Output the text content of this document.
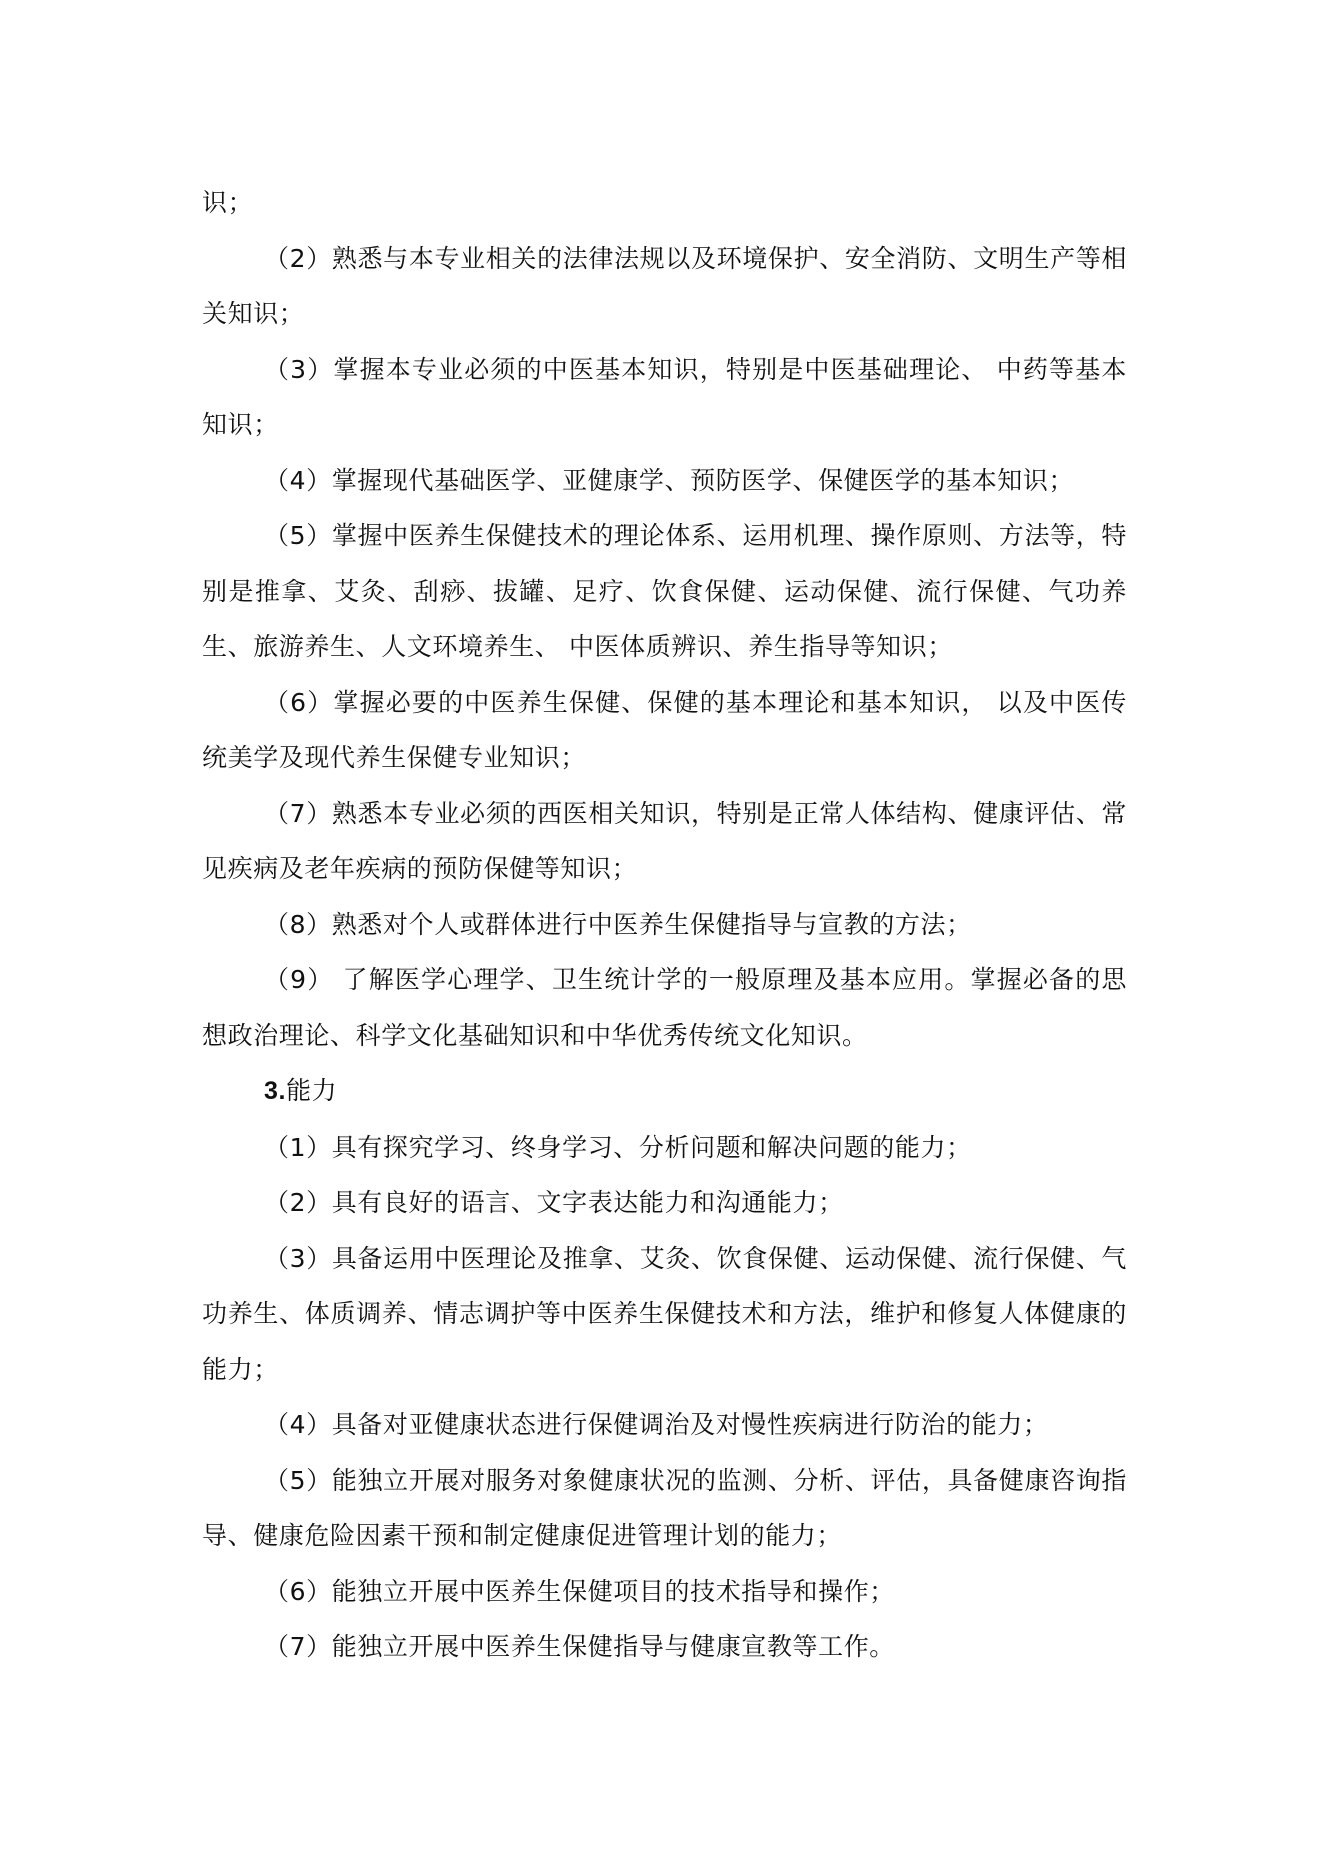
识；

（2）熟悉与本专业相关的法律法规以及环境保护、安全消防、文明生产等相关知识；

（3）掌握本专业必须的中医基本知识，特别是中医基础理论、 中药等基本知识；

（4）掌握现代基础医学、亚健康学、预防医学、保健医学的基本知识；

（5）掌握中医养生保健技术的理论体系、运用机理、操作原则、方法等，特别是推拿、艾灸、刮痧、拔罐、足疗、饮食保健、运动保健、流行保健、气功养生、旅游养生、人文环境养生、 中医体质辨识、养生指导等知识；

（6）掌握必要的中医养生保健、保健的基本理论和基本知识， 以及中医传统美学及现代养生保健专业知识；

（7）熟悉本专业必须的西医相关知识，特别是正常人体结构、健康评估、常见疾病及老年疾病的预防保健等知识；

（8）熟悉对个人或群体进行中医养生保健指导与宣教的方法；

（9） 了解医学心理学、卫生统计学的一般原理及基本应用。掌握必备的思想政治理论、科学文化基础知识和中华优秀传统文化知识。

3.能力

（1）具有探究学习、终身学习、分析问题和解决问题的能力；

（2）具有良好的语言、文字表达能力和沟通能力；

（3）具备运用中医理论及推拿、艾灸、饮食保健、运动保健、流行保健、气功养生、体质调养、情志调护等中医养生保健技术和方法，维护和修复人体健康的能力；

（4）具备对亚健康状态进行保健调治及对慢性疾病进行防治的能力；

（5）能独立开展对服务对象健康状况的监测、分析、评估，具备健康咨询指导、健康危险因素干预和制定健康促进管理计划的能力；

（6）能独立开展中医养生保健项目的技术指导和操作；

（7）能独立开展中医养生保健指导与健康宣教等工作。
